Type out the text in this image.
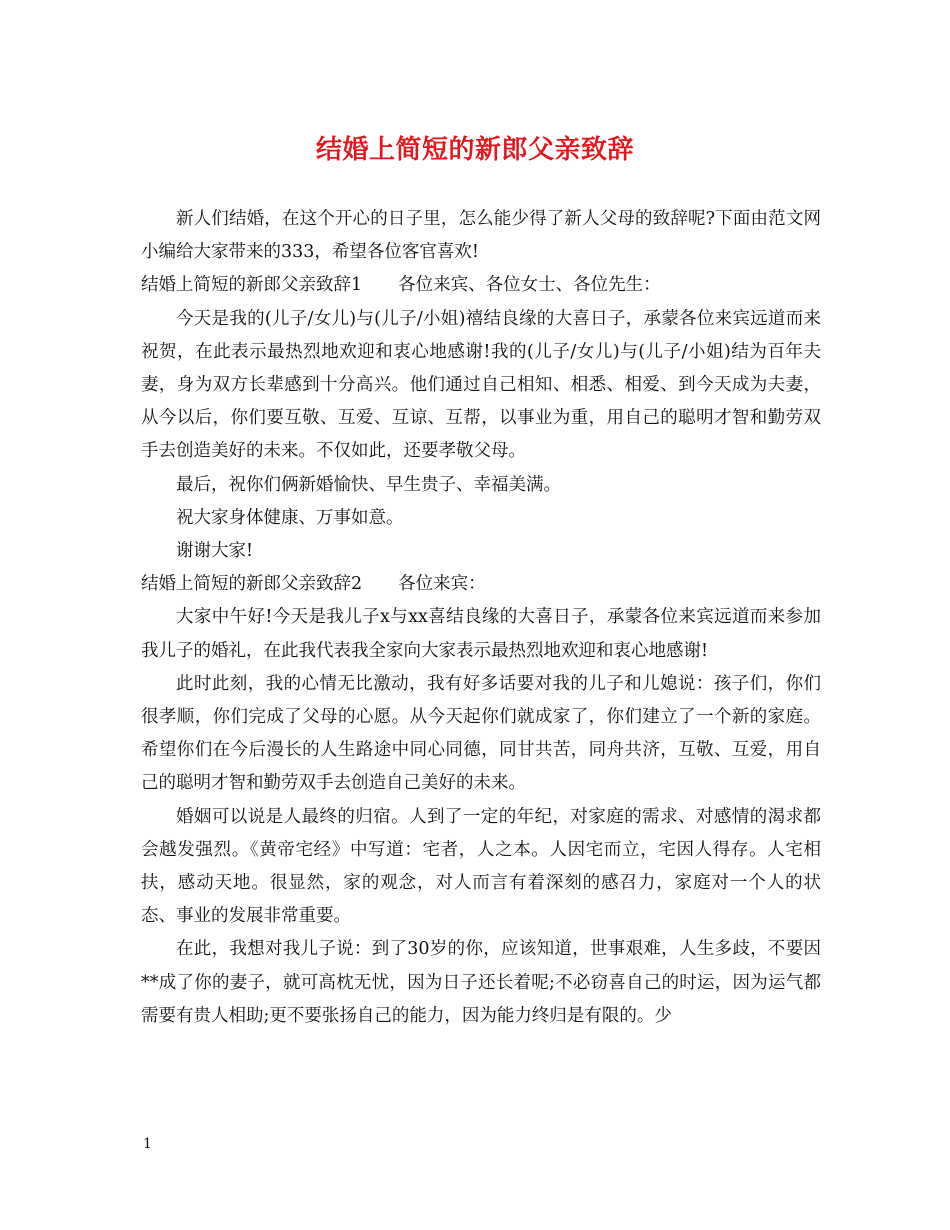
结婚上简短的新郎父亲致辞

新人们结婚，在这个开心的日子里，怎么能少得了新人父母的致辞呢?下面由范文网小编给大家带来的333，希望各位客官喜欢!

结婚上简短的新郎父亲致辞1 各位来宾、各位女士、各位先生：

今天是我的(儿子/女儿)与(儿子/小姐)禧结良缘的大喜日子，承蒙各位来宾远道而来祝贺，在此表示最热烈地欢迎和衷心地感谢!我的(儿子/女儿)与(儿子/小姐)结为百年夫妻，身为双方长辈感到十分高兴。他们通过自己相知、相悉、相爱、到今天成为夫妻，从今以后，你们要互敬、互爱、互谅、互帮，以事业为重，用自己的聪明才智和勤劳双手去创造美好的未来。不仅如此，还要孝敬父母。

最后，祝你们俩新婚愉快、早生贵子、幸福美满。

祝大家身体健康、万事如意。

谢谢大家!

结婚上简短的新郎父亲致辞2 各位来宾：

大家中午好!今天是我儿子x与xx喜结良缘的大喜日子，承蒙各位来宾远道而来参加我儿子的婚礼，在此我代表我全家向大家表示最热烈地欢迎和衷心地感谢!

此时此刻，我的心情无比激动，我有好多话要对我的儿子和儿媳说：孩子们，你们很孝顺，你们完成了父母的心愿。从今天起你们就成家了，你们建立了一个新的家庭。希望你们在今后漫长的人生路途中同心同德，同甘共苦，同舟共济，互敬、互爱，用自己的聪明才智和勤劳双手去创造自己美好的未来。

婚姻可以说是人最终的归宿。人到了一定的年纪，对家庭的需求、对感情的渴求都会越发强烈。《黄帝宅经》中写道：宅者，人之本。人因宅而立，宅因人得存。人宅相扶，感动天地。很显然，家的观念，对人而言有着深刻的感召力，家庭对一个人的状态、事业的发展非常重要。

在此，我想对我儿子说：到了30岁的你，应该知道，世事艰难，人生多歧，不要因**成了你的妻子，就可高枕无忧，因为日子还长着呢;不必窃喜自己的时运，因为运气都需要有贵人相助;更不要张扬自己的能力，因为能力终归是有限的。少

1
